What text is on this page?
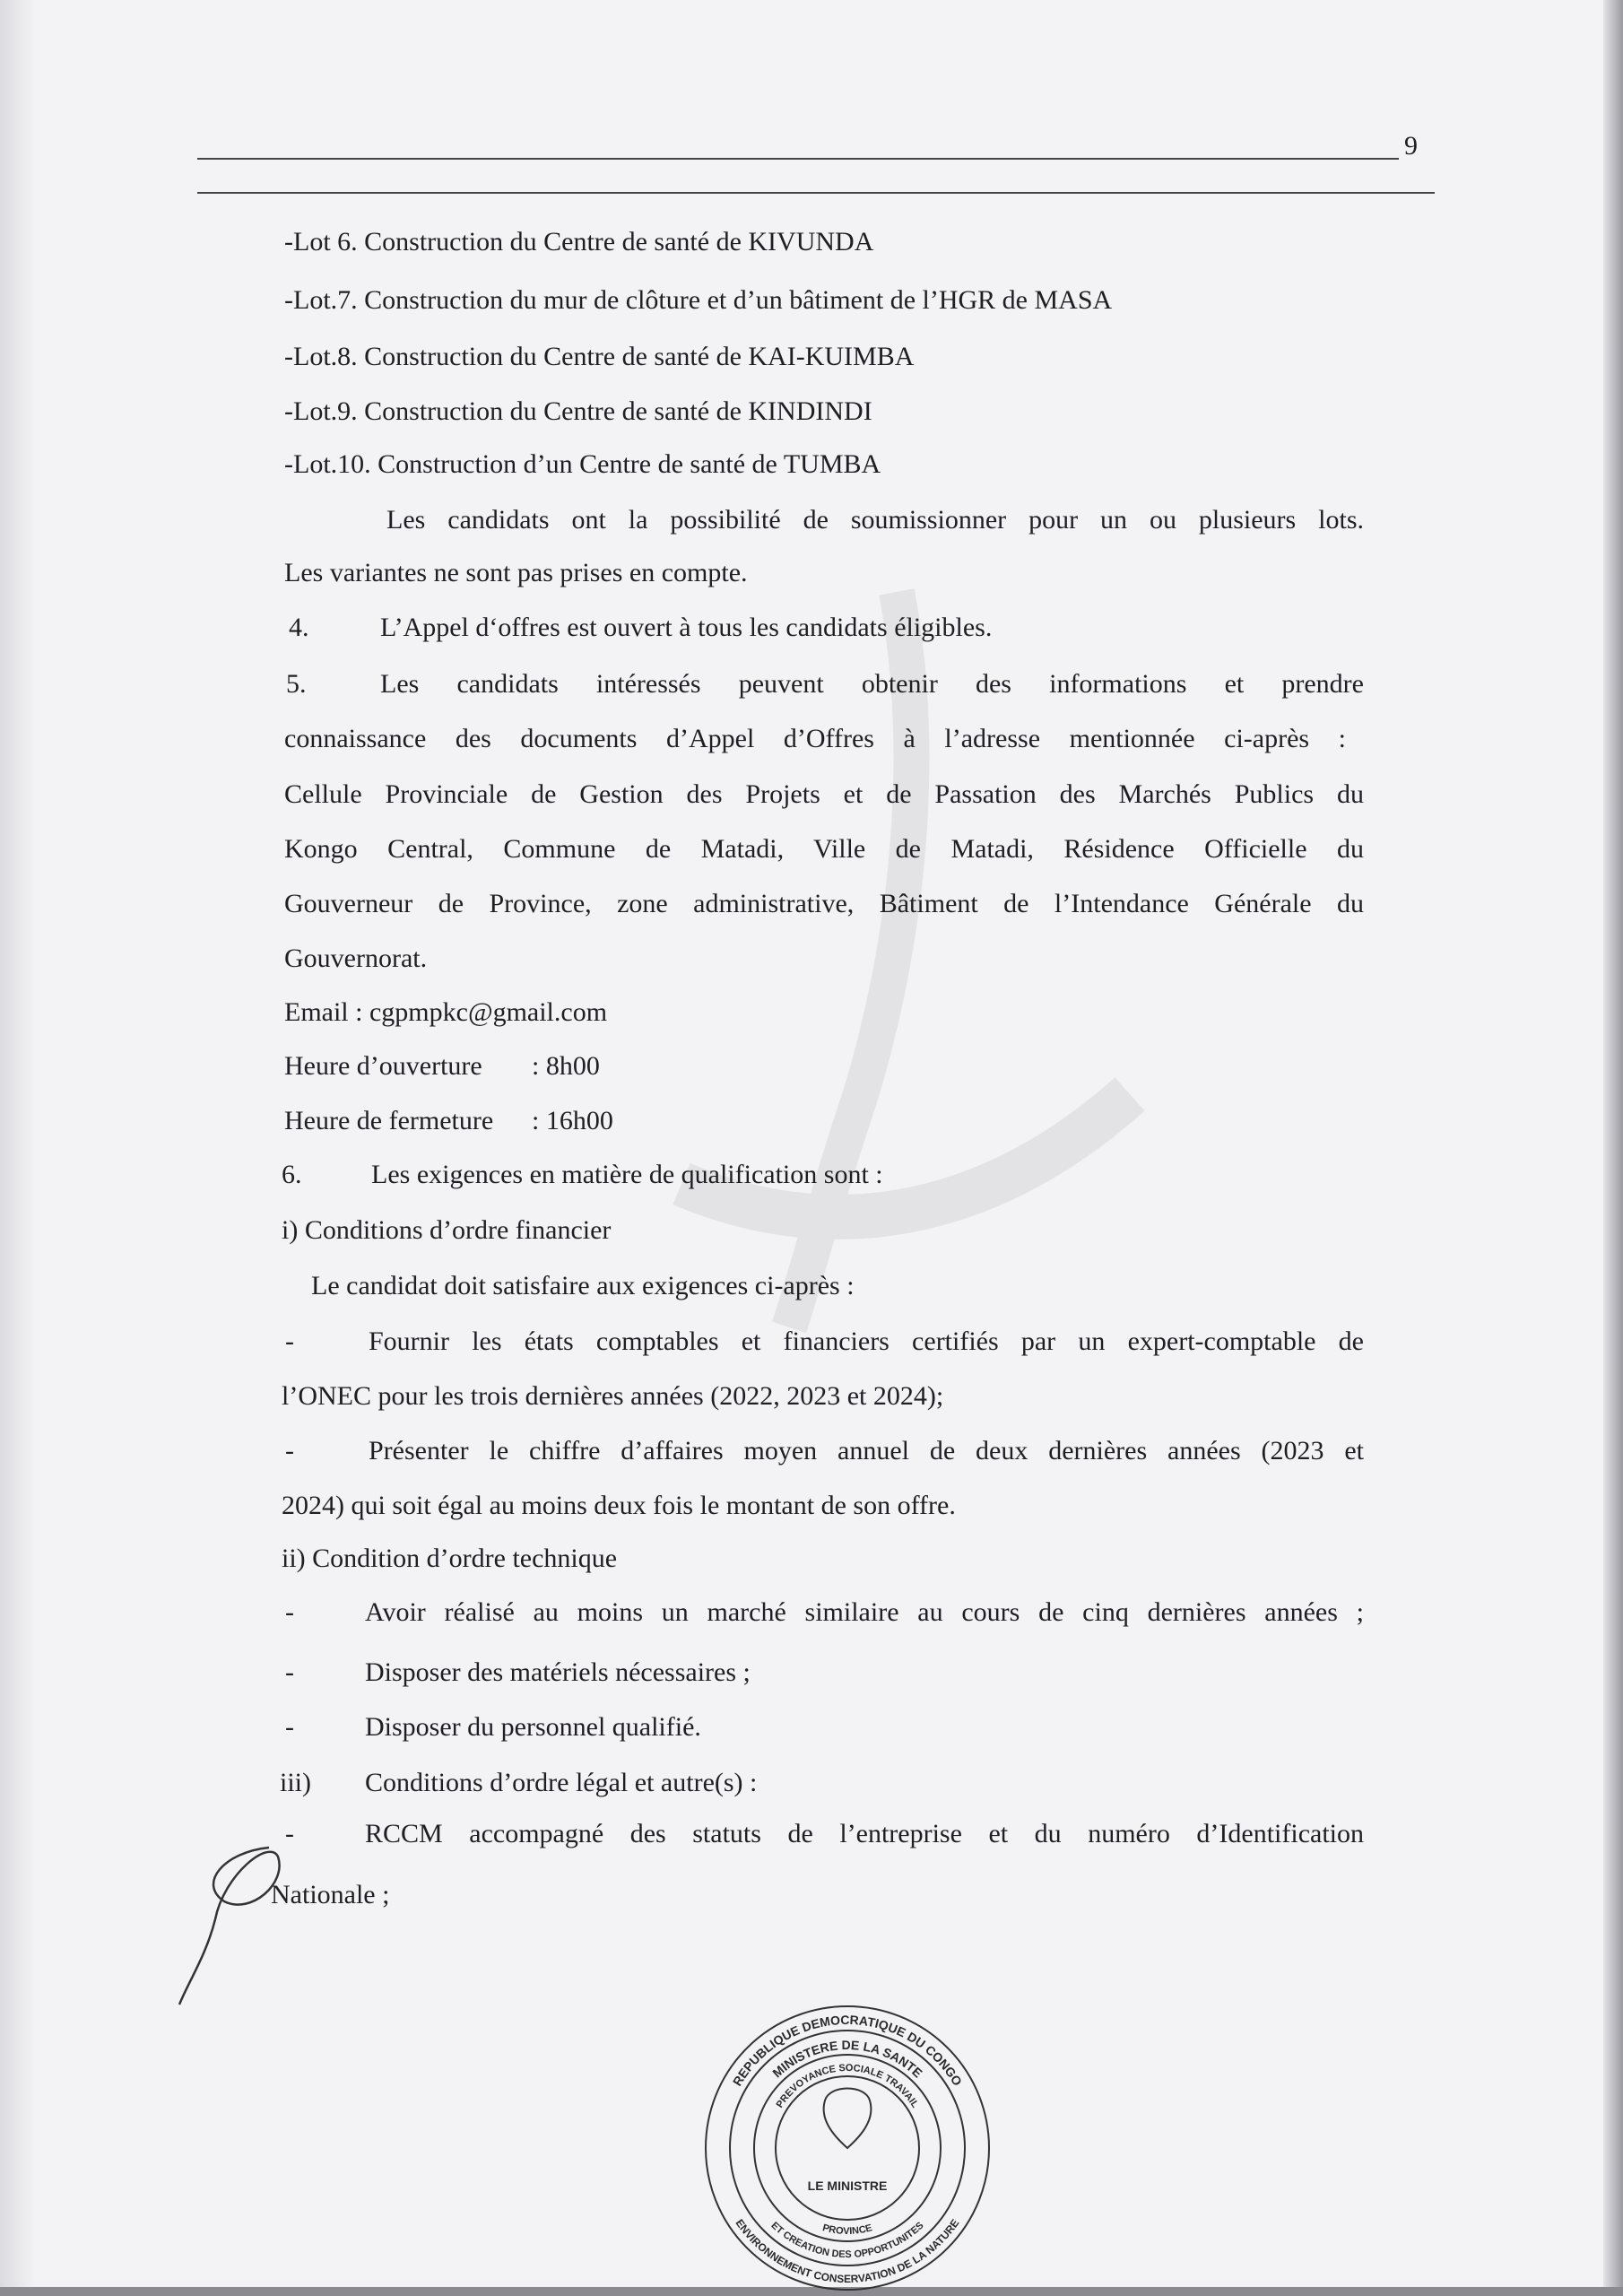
9
-Lot 6. Construction du Centre de santé de KIVUNDA
-Lot.7. Construction du mur de clôture et d’un bâtiment de l’HGR de MASA
-Lot.8. Construction du Centre de santé de KAI-KUIMBA
-Lot.9. Construction du Centre de santé de KINDINDI
-Lot.10. Construction d’un Centre de santé de TUMBA
Les candidats ont la possibilité de soumissionner pour un ou plusieurs lots.
Les variantes ne sont pas prises en compte.
4.	L’Appel d‘offres est ouvert à tous les candidats éligibles.
5.	Les candidats intéressés peuvent obtenir des informations et prendre
connaissance des documents d’Appel d’Offres à l’adresse mentionnée ci-après :
Cellule Provinciale de Gestion des Projets et de Passation des Marchés Publics du
Kongo Central, Commune de Matadi, Ville de Matadi, Résidence Officielle du
Gouverneur de Province, zone administrative, Bâtiment de l’Intendance Générale du
Gouvernorat.
Email : cgpmpkc@gmail.com
Heure d’ouverture : 8h00
Heure de fermeture : 16h00
6.	Les exigences en matière de qualification sont :
i) Conditions d’ordre financier
Le candidat doit satisfaire aux exigences ci-après :
-	Fournir les états comptables et financiers certifiés par un expert-comptable de
l’ONEC pour les trois dernières années (2022, 2023 et 2024);
-	Présenter le chiffre d’affaires moyen annuel de deux dernières années (2023 et
2024) qui soit égal au moins deux fois le montant de son offre.
ii) Condition d’ordre technique
-	Avoir réalisé au moins un marché similaire au cours de cinq dernières années ;
-	Disposer des matériels nécessaires ;
-	Disposer du personnel qualifié.
iii) Conditions d’ordre légal et autre(s) :
-	RCCM accompagné des statuts de l’entreprise et du numéro d’Identification
Nationale ;
REPUBLIQUE DEMOCRATIQUE DU CONGO
ENVIRONNEMENT CONSERVATION DE LA NATURE
MINISTERE DE LA SANTE
ET CREATION DES OPPORTUNITES
PREVOYANCE SOCIALE TRAVAIL
PROVINCE
LE MINISTRE
